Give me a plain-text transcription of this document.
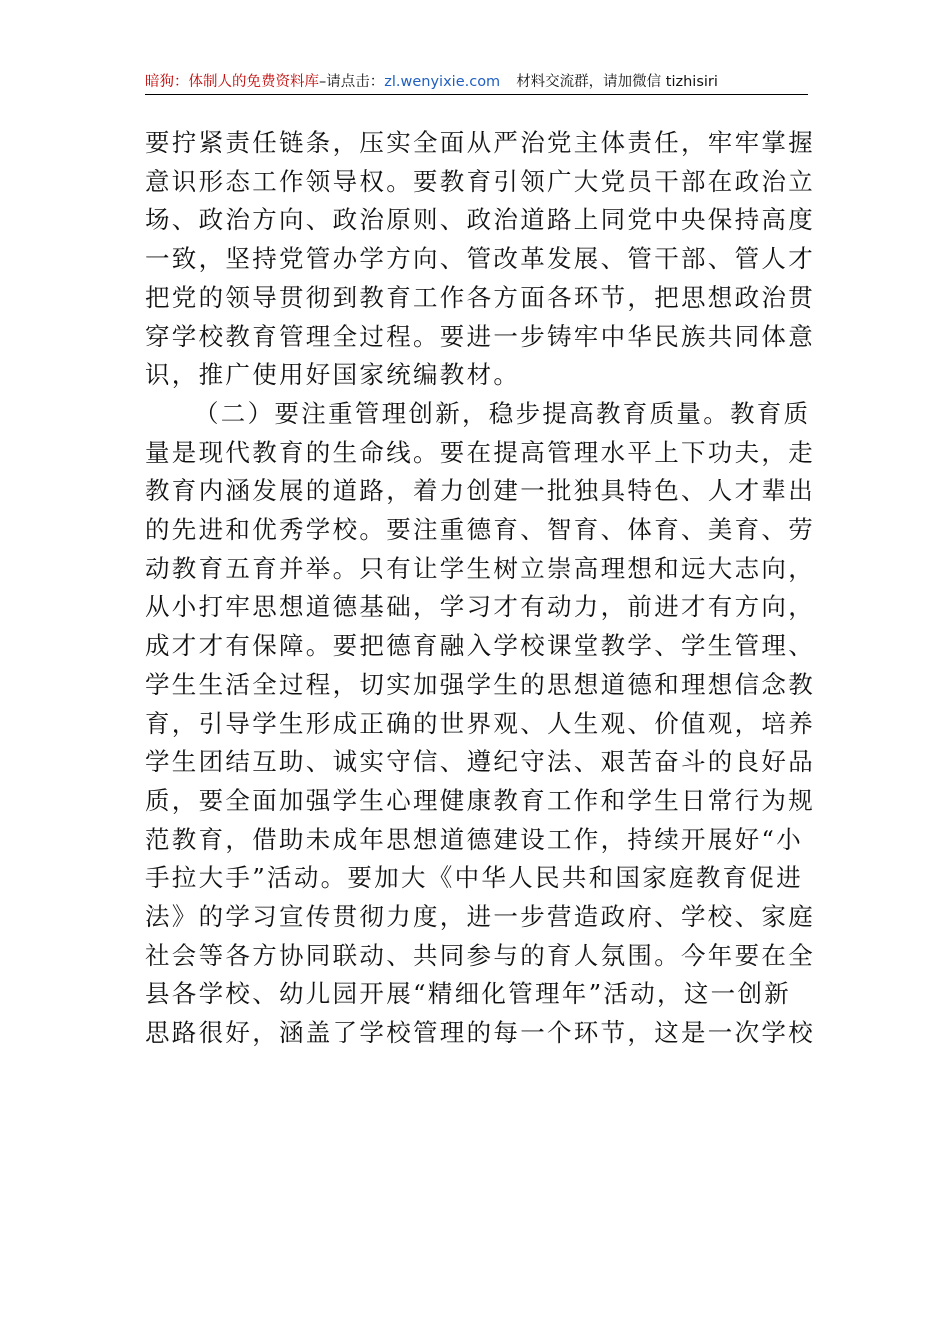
暗狗：体制人的免费资料库 –请点击： zl.wenyixie.com 材料交流群，请加微信 tizhisiri

要拧紧责任链条，压实全面从严治党主体责任，牢牢掌握
意识形态工作领导权。要教育引领广大党员干部在政治立
场、政治方向、政治原则、政治道路上同党中央保持高度
一致，坚持党管办学方向、管改革发展、管干部、管人才
把党的领导贯彻到教育工作各方面各环节，把思想政治贯
穿学校教育管理全过程。要进一步铸牢中华民族共同体意
识，推广使用好国家统编教材。

（二）要注重管理创新，稳步提高教育质量。教育质
量是现代教育的生命线。要在提高管理水平上下功夫，走
教育内涵发展的道路，着力创建一批独具特色、人才辈出
的先进和优秀学校。要注重德育、智育、体育、美育、劳
动教育五育并举。只有让学生树立崇高理想和远大志向，
从小打牢思想道德基础，学习才有动力，前进才有方向，
成才才有保障。要把德育融入学校课堂教学、学生管理、
学生生活全过程，切实加强学生的思想道德和理想信念教
育，引导学生形成正确的世界观、人生观、价值观，培养
学生团结互助、诚实守信、遵纪守法、艰苦奋斗的良好品
质，要全面加强学生心理健康教育工作和学生日常行为规
范教育，借助未成年思想道德建设工作，持续开展好“小
手拉大手”活动。要加大《中华人民共和国家庭教育促进
法》的学习宣传贯彻力度，进一步营造政府、学校、家庭
社会等各方协同联动、共同参与的育人氛围。今年要在全
县各学校、幼儿园开展“精细化管理年”活动，这一创新
思路很好，涵盖了学校管理的每一个环节，这是一次学校
